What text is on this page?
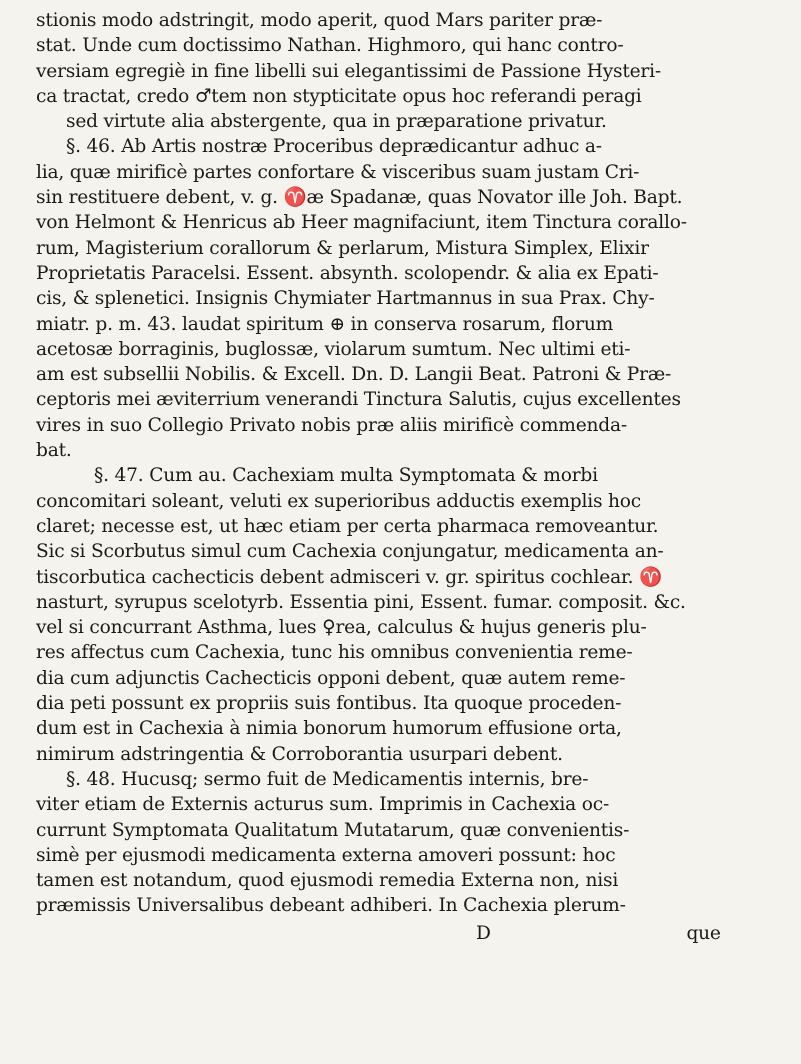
stionis modo adstringit, modo aperit, quod Mars pariter præ-
stat. Unde cum doctissimo Nathan. Highmoro, qui hanc contro-
versiam egregiè in fine libelli sui elegantissimi de Passione Hysteri-
ca tractat, credo ♂tem non stypticitate opus hoc referandi peragi
sed virtute alia abstergente, qua in præparatione privatur.
§. 46. Ab Artis nostræ Proceribus deprædicantur adhuc a-
lia, quæ mirificè partes confortare & visceribus suam justam Cri-
sin restituere debent, v. g. ♈æ Spadanæ, quas Novator ille Joh. Bapt.
von Helmont & Henricus ab Heer magnifaciunt, item Tinctura corallo-
rum, Magisterium corallorum & perlarum, Mistura Simplex, Elixir
Proprietatis Paracelsi. Essent. absynth. scolopendr. & alia ex Epati-
cis, & splenetici. Insignis Chymiater Hartmannus in sua Prax. Chy-
miatr. p. m. 43. laudat spiritum ⊕ in conserva rosarum, florum
acetosæ borraginis, buglossæ, violarum sumtum. Nec ultimi eti-
am est subsellii Nobilis. & Excell. Dn. D. Langii Beat. Patroni & Præ-
ceptoris mei æviterrium venerandi Tinctura Salutis, cujus excellentes
vires in suo Collegio Privato nobis præ aliis mirificè commenda-
bat.
§. 47. Cum au. Cachexiam multa Symptomata & morbi
concomitari soleant, veluti ex superioribus adductis exemplis hoc
claret; necesse est, ut hæc etiam per certa pharmaca removeantur.
Sic si Scorbutus simul cum Cachexia conjungatur, medicamenta an-
tiscorbutica cachecticis debent admisceri v. gr. spiritus cochlear. ♈
nasturt, syrupus scelotyrb. Essentia pini, Essent. fumar. composit. &c.
vel si concurrant Asthma, lues ♀rea, calculus & hujus generis plu-
res affectus cum Cachexia, tunc his omnibus convenientia reme-
dia cum adjunctis Cachecticis opponi debent, quæ autem reme-
dia peti possunt ex propriis suis fontibus. Ita quoque proceden-
dum est in Cachexia à nimia bonorum humorum effusione orta,
nimirum adstringentia & Corroborantia usurpari debent.
§. 48. Hucusq; sermo fuit de Medicamentis internis, bre-
viter etiam de Externis acturus sum. Imprimis in Cachexia oc-
currunt Symptomata Qualitatum Mutatarum, quæ convenientis-
simè per ejusmodi medicamenta externa amoveri possunt: hoc
tamen est notandum, quod ejusmodi remedia Externa non, nisi
præmissis Universalibus debeant adhiberi. In Cachexia plerum-
D	que
